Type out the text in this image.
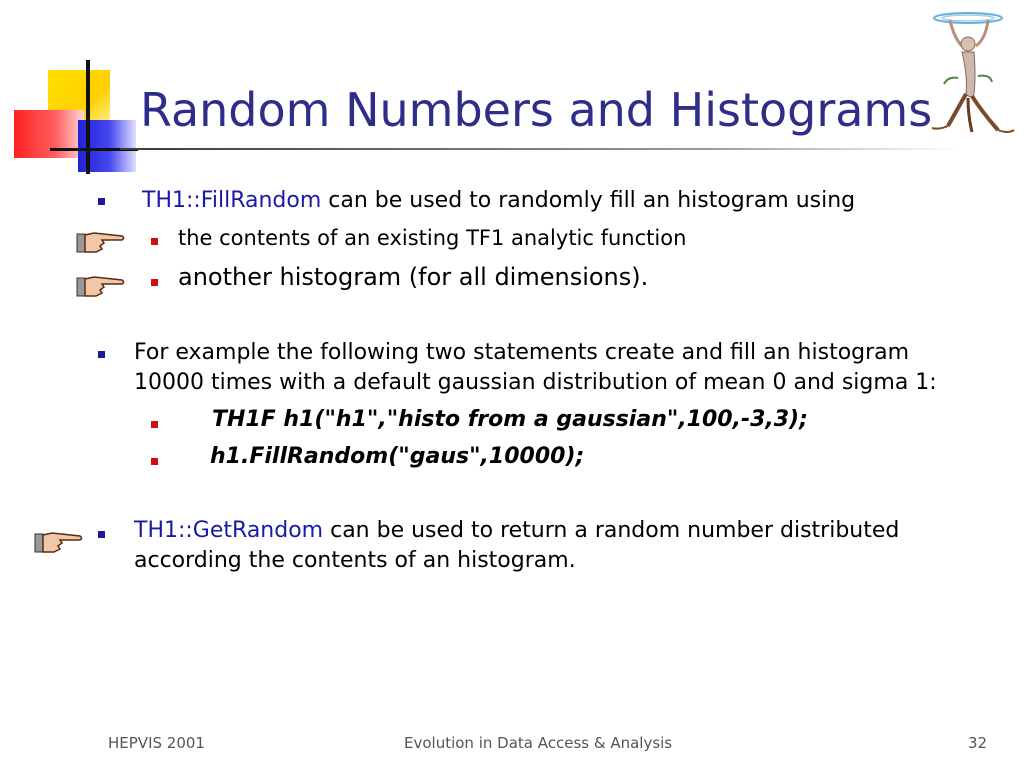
Random Numbers and Histograms
TH1::FillRandom can be used to randomly fill an histogram using
the contents of an existing TF1 analytic function
another histogram (for all dimensions).
For example the following two statements create and fill an histogram
10000 times with a default gaussian distribution of mean 0 and sigma 1:
TH1F h1("h1","histo from a gaussian",100,-3,3);
h1.FillRandom("gaus",10000);
TH1::GetRandom can be used to return a random number distributed
according the contents of an histogram.
HEPVIS 2001	Evolution in Data Access & Analysis	32
